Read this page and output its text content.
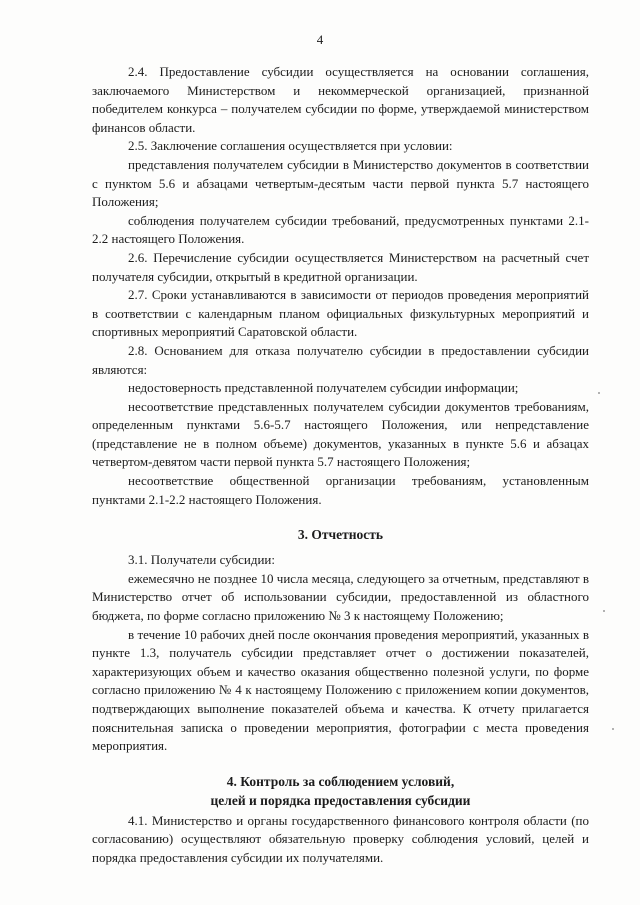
4

2.4. Предоставление субсидии осуществляется на основании соглашения, заключаемого Министерством и некоммерческой организацией, признанной победителем конкурса – получателем субсидии по форме, утверждаемой министерством финансов области.

2.5. Заключение соглашения осуществляется при условии:

представления получателем субсидии в Министерство документов в соответствии с пунктом 5.6 и абзацами четвертым-десятым части первой пункта 5.7 настоящего Положения;

соблюдения получателем субсидии требований, предусмотренных пунктами 2.1-2.2 настоящего Положения.

2.6. Перечисление субсидии осуществляется Министерством на расчетный счет получателя субсидии, открытый в кредитной организации.

2.7. Сроки устанавливаются в зависимости от периодов проведения мероприятий в соответствии с календарным планом официальных физкультурных мероприятий и спортивных мероприятий Саратовской области.

2.8. Основанием для отказа получателю субсидии в предоставлении субсидии являются:

недостоверность представленной получателем субсидии информации;

несоответствие представленных получателем субсидии документов требованиям, определенным пунктами 5.6-5.7 настоящего Положения, или непредставление (представление не в полном объеме) документов, указанных в пункте 5.6 и абзацах четвертом-девятом части первой пункта 5.7 настоящего Положения;

несоответствие общественной организации требованиям, установленным пунктами 2.1-2.2 настоящего Положения.

3. Отчетность

3.1. Получатели субсидии:

ежемесячно не позднее 10 числа месяца, следующего за отчетным, представляют в Министерство отчет об использовании субсидии, предоставленной из областного бюджета, по форме согласно приложению № 3 к настоящему Положению;

в течение 10 рабочих дней после окончания проведения мероприятий, указанных в пункте 1.3, получатель субсидии представляет отчет о достижении показателей, характеризующих объем и качество оказания общественно полезной услуги, по форме согласно приложению № 4 к настоящему Положению с приложением копии документов, подтверждающих выполнение показателей объема и качества. К отчету прилагается пояснительная записка о проведении мероприятия, фотографии с места проведения мероприятия.

4. Контроль за соблюдением условий,
целей и порядка предоставления субсидии

4.1. Министерство и органы государственного финансового контроля области (по согласованию) осуществляют обязательную проверку соблюдения условий, целей и порядка предоставления субсидии их получателями.
